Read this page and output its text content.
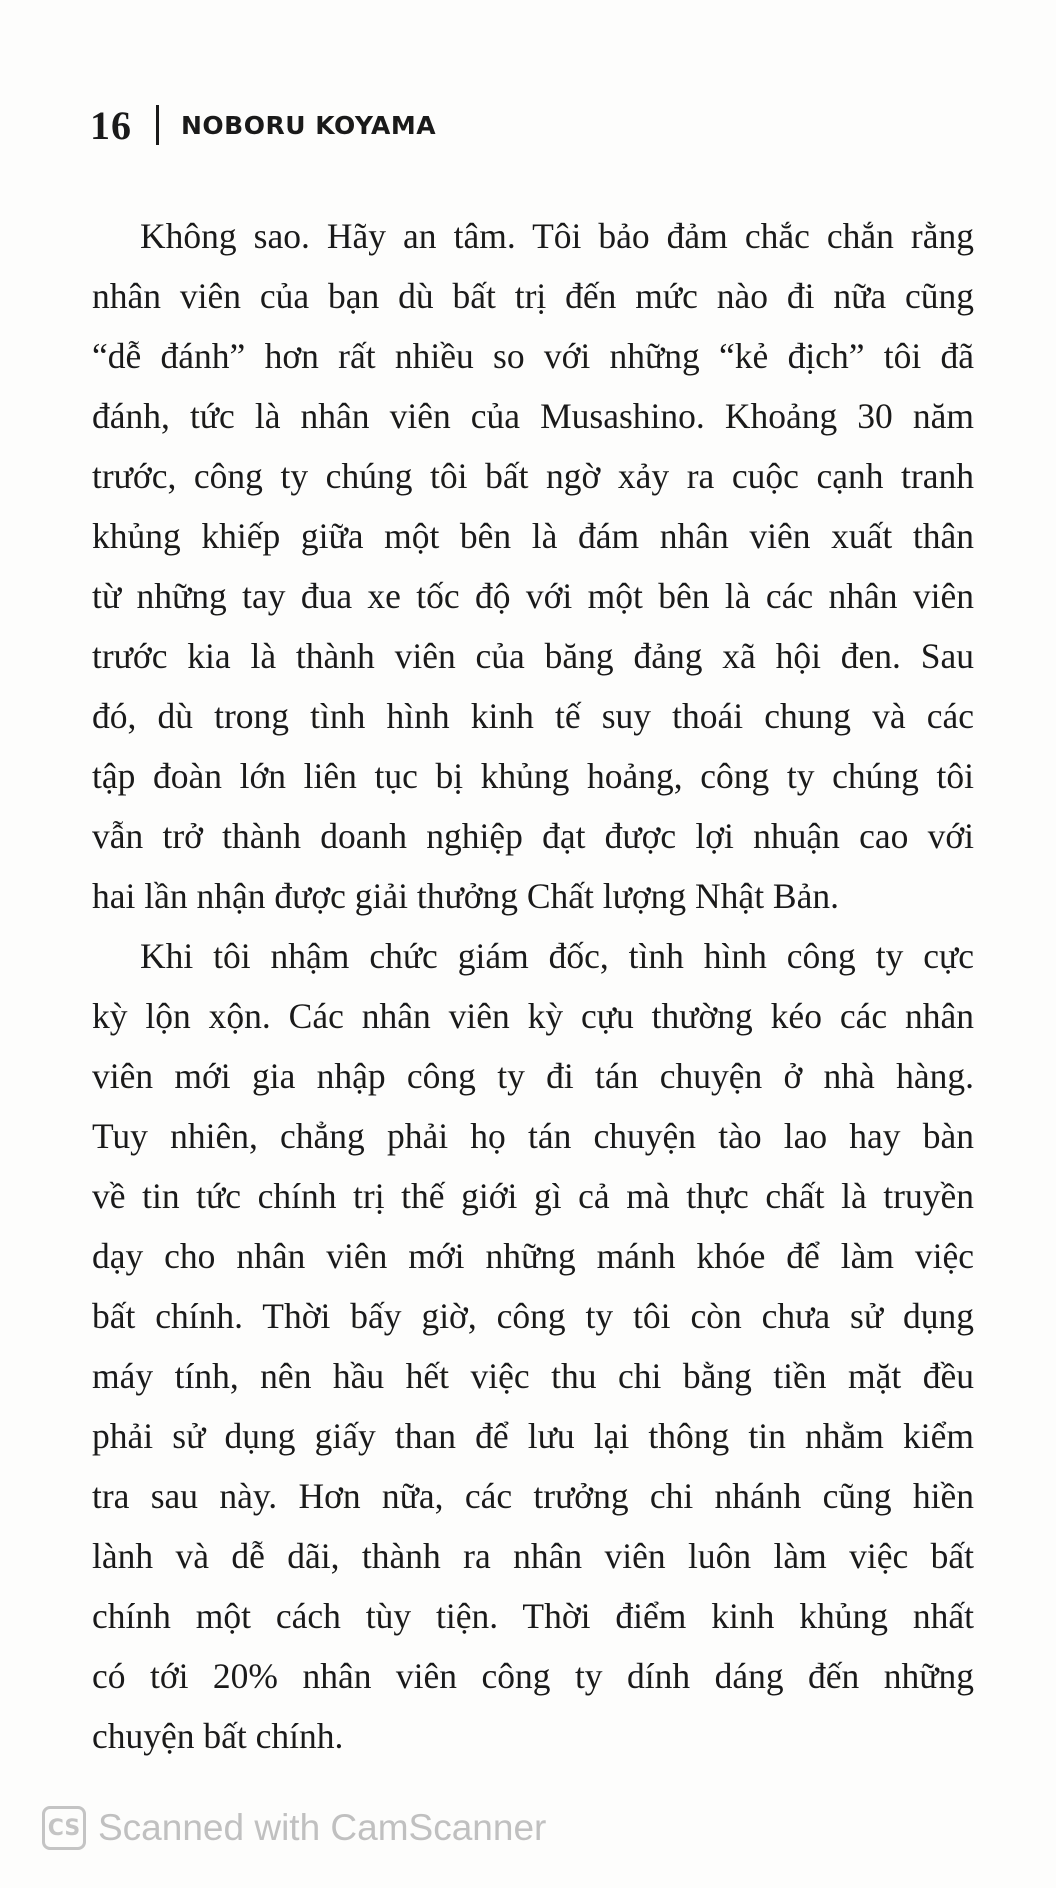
16 NOBORU KOYAMA
Không sao. Hãy an tâm. Tôi bảo đảm chắc chắn rằng
nhân viên của bạn dù bất trị đến mức nào đi nữa cũng
“dễ đánh” hơn rất nhiều so với những “kẻ địch” tôi đã
đánh, tức là nhân viên của Musashino. Khoảng 30 năm
trước, công ty chúng tôi bất ngờ xảy ra cuộc cạnh tranh
khủng khiếp giữa một bên là đám nhân viên xuất thân
từ những tay đua xe tốc độ với một bên là các nhân viên
trước kia là thành viên của băng đảng xã hội đen. Sau
đó, dù trong tình hình kinh tế suy thoái chung và các
tập đoàn lớn liên tục bị khủng hoảng, công ty chúng tôi
vẫn trở thành doanh nghiệp đạt được lợi nhuận cao với
hai lần nhận được giải thưởng Chất lượng Nhật Bản.
Khi tôi nhậm chức giám đốc, tình hình công ty cực
kỳ lộn xộn. Các nhân viên kỳ cựu thường kéo các nhân
viên mới gia nhập công ty đi tán chuyện ở nhà hàng.
Tuy nhiên, chẳng phải họ tán chuyện tào lao hay bàn
về tin tức chính trị thế giới gì cả mà thực chất là truyền
dạy cho nhân viên mới những mánh khóe để làm việc
bất chính. Thời bấy giờ, công ty tôi còn chưa sử dụng
máy tính, nên hầu hết việc thu chi bằng tiền mặt đều
phải sử dụng giấy than để lưu lại thông tin nhằm kiểm
tra sau này. Hơn nữa, các trưởng chi nhánh cũng hiền
lành và dễ dãi, thành ra nhân viên luôn làm việc bất
chính một cách tùy tiện. Thời điểm kinh khủng nhất
có tới 20% nhân viên công ty dính dáng đến những
chuyện bất chính.
CS Scanned with CamScanner
